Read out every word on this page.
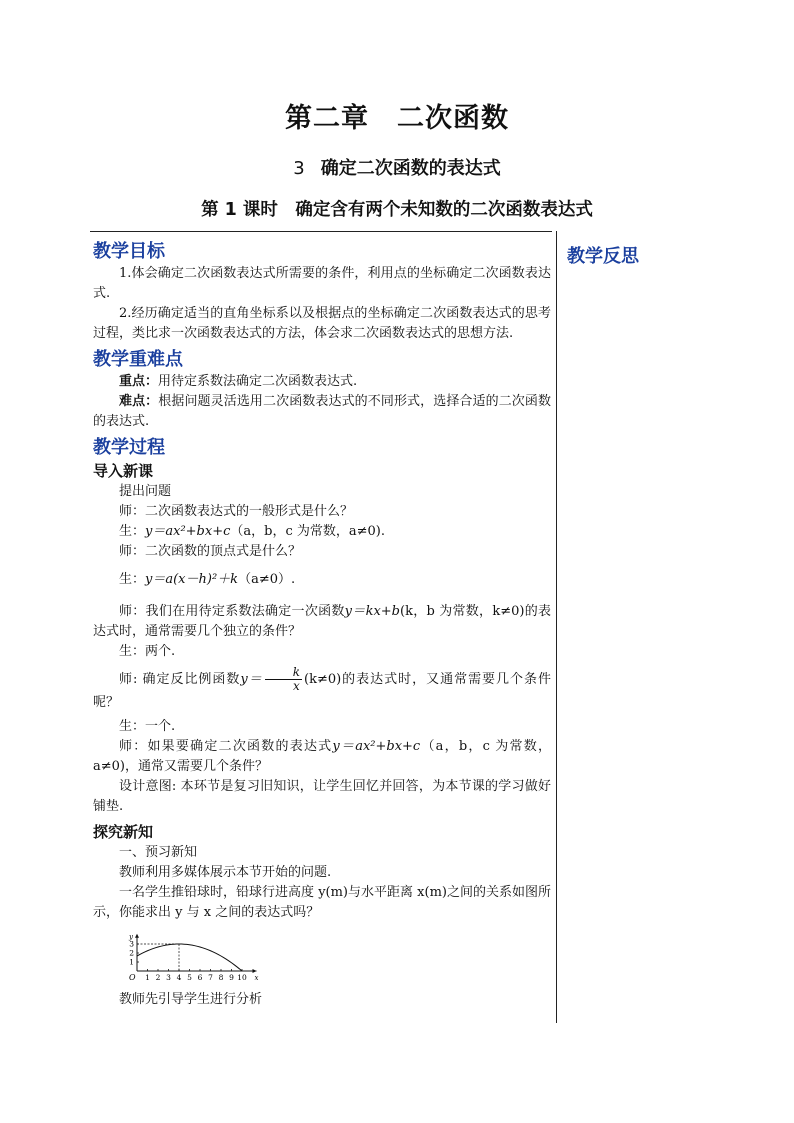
第二章　二次函数
3 确定二次函数的表达式
第 1 课时　确定含有两个未知数的二次函数表达式
教学反思
教学目标

1.体会确定二次函数表达式所需要的条件，利用点的坐标确定二次函数表达式.

2.经历确定适当的直角坐标系以及根据点的坐标确定二次函数表达式的思考过程，类比求一次函数表达式的方法，体会求二次函数表达式的思想方法.

教学重难点

重点：用待定系数法确定二次函数表达式.

难点：根据问题灵活选用二次函数表达式的不同形式，选择合适的二次函数的表达式.

教学过程
导入新课

提出问题

师：二次函数表达式的一般形式是什么？

生：y＝ax²+bx+c（a，b，c 为常数，a≠0).

师：二次函数的顶点式是什么？

生：y＝a(x－h)²＋k（a≠0）.

师：我们在用待定系数法确定一次函数y＝kx+b(k，b 为常数，k≠0)的表达式时，通常需要几个独立的条件？

生：两个.

师: 确定反比例函数$y= \frac{k}{x} (k\ne 0)$的表达式时，又通常需要几个条件呢？

生：一个.

师：如果要确定二次函数的表达式y＝ax²+bx+c（a，b，c 为常数，a≠0)，通常又需要几个条件？

设计意图: 本环节是复习旧知识，让学生回忆并回答，为本节课的学习做好铺垫.

探究新知

一、预习新知

教师利用多媒体展示本节开始的问题.

一名学生推铅球时，铅球行进高度 y(m)与水平距离 x(m)之间的关系如图所示，你能求出 y 与 x 之间的表达式吗？

x
y
O 1 2 3 4 5 6 7 8 9 10
1
2
3

教师先引导学生进行分析
